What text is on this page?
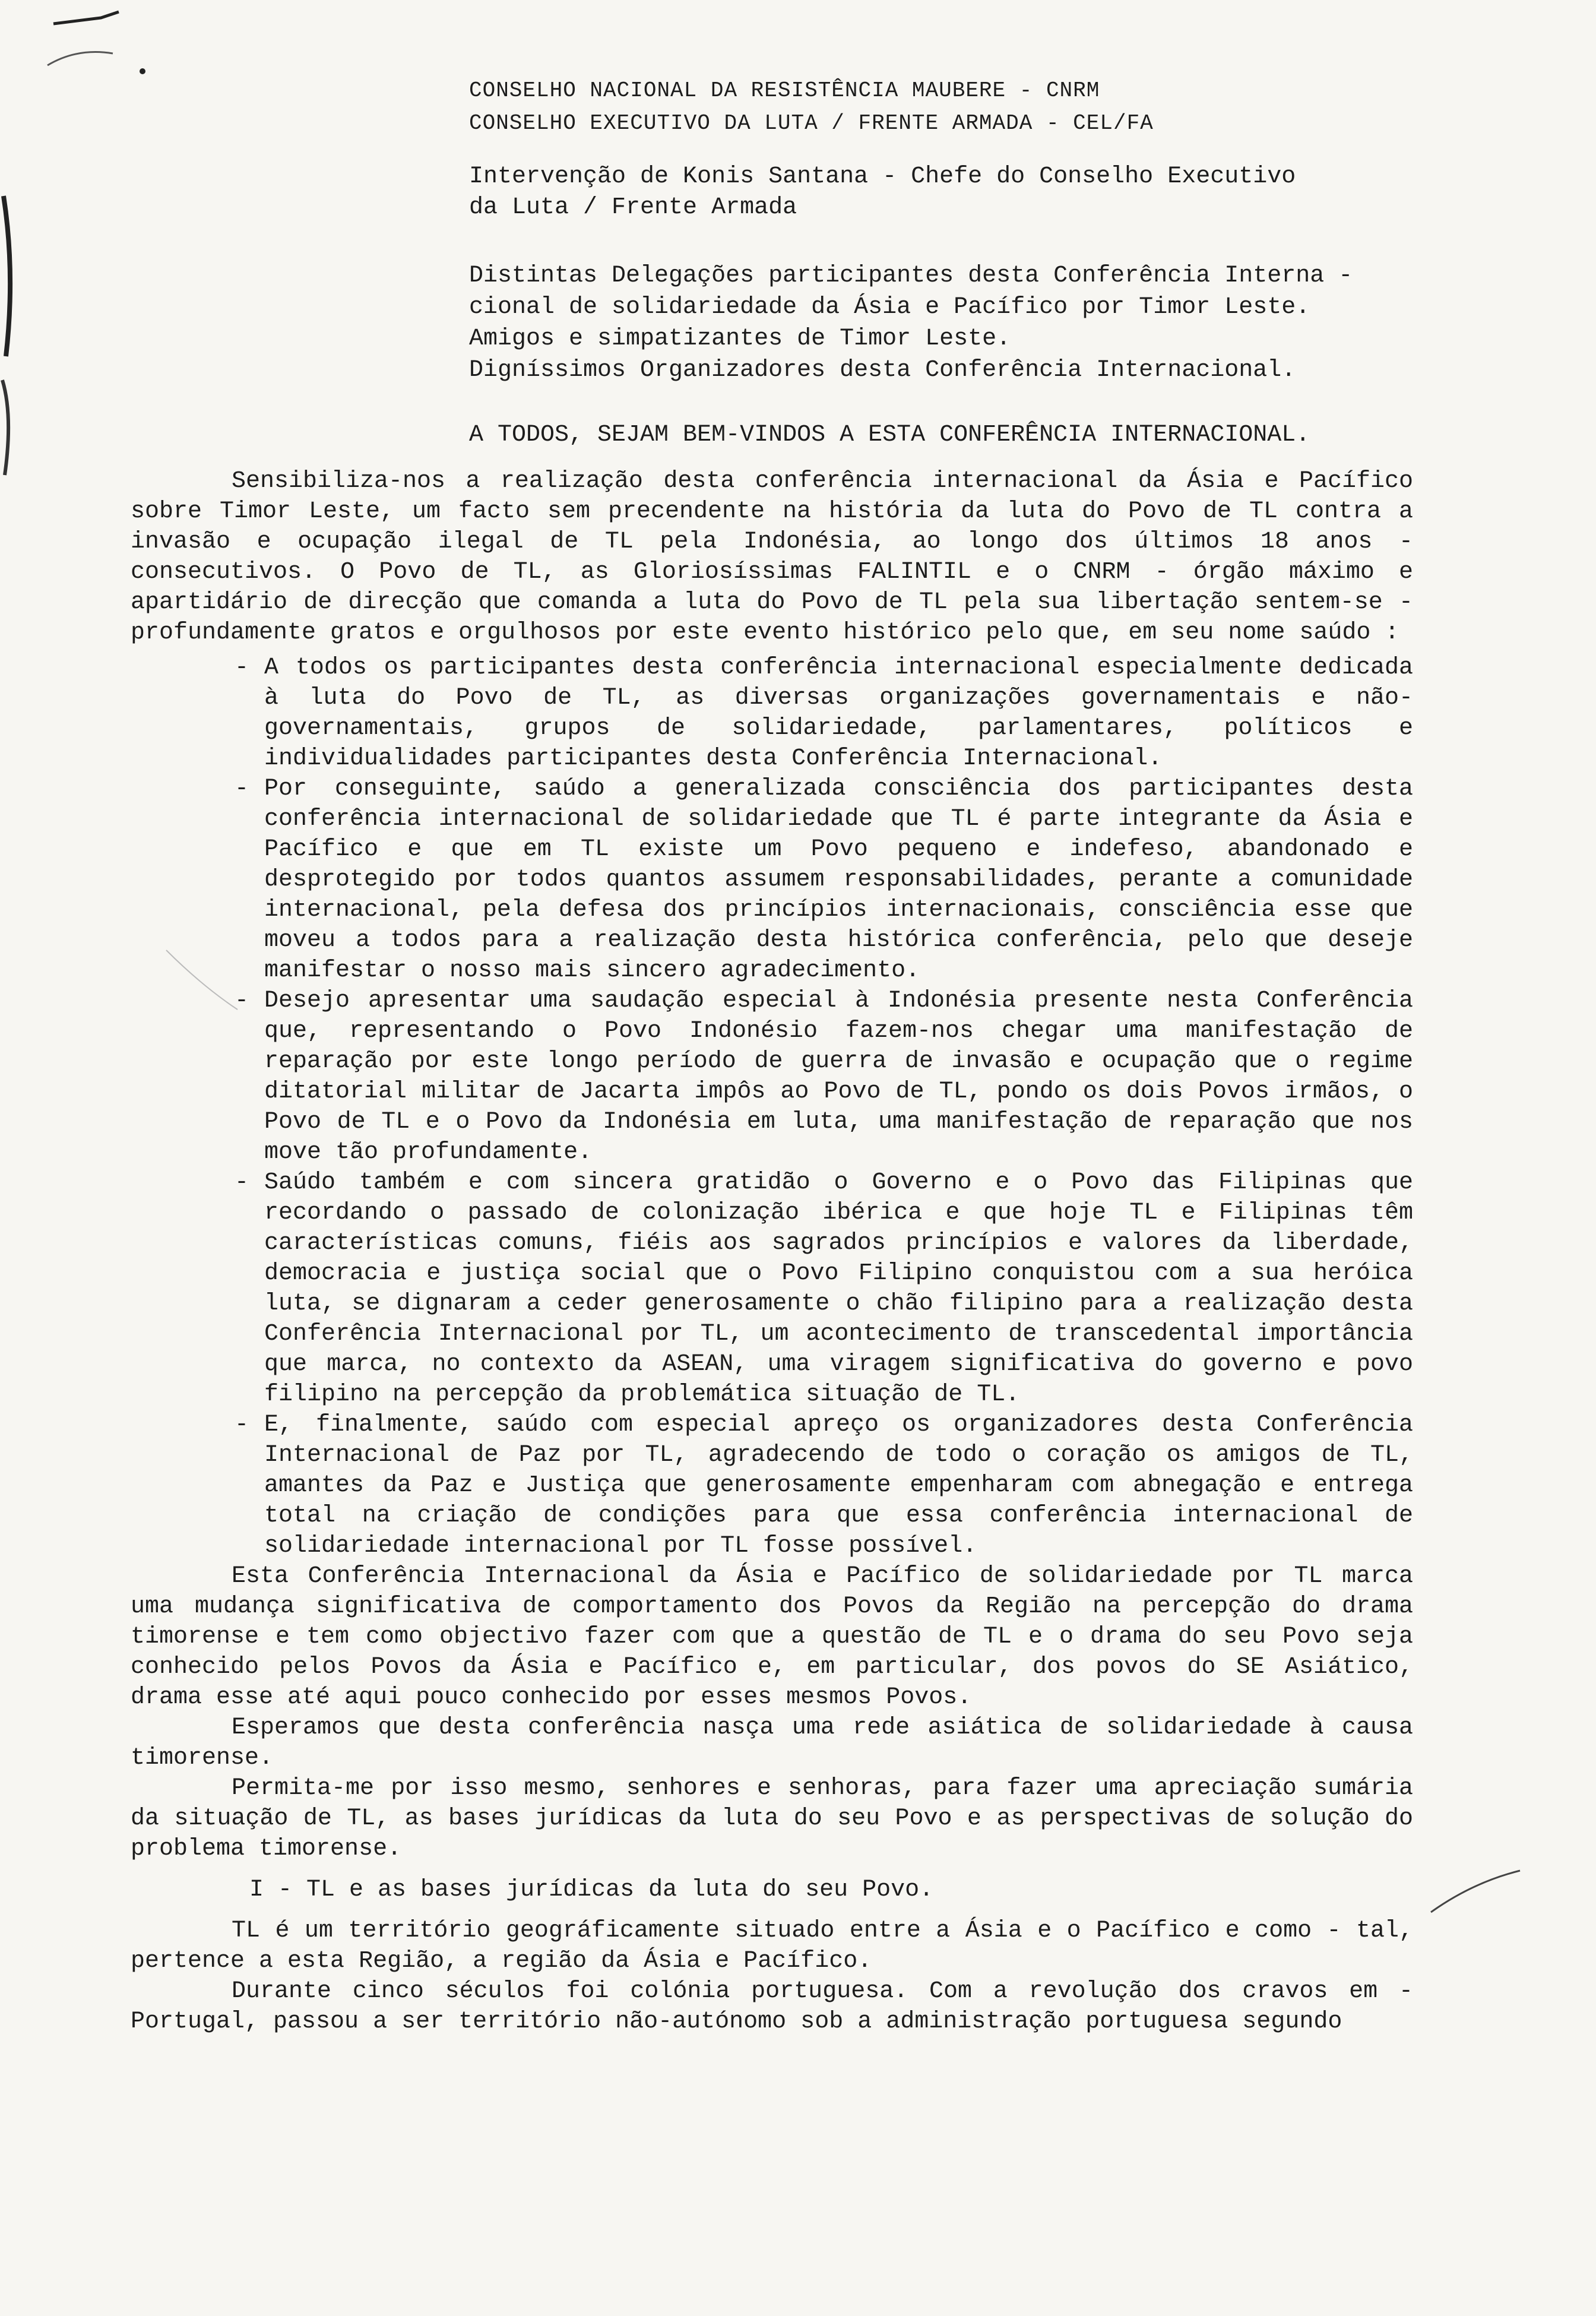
CONSELHO NACIONAL DA RESISTÊNCIA MAUBERE - CNRM
CONSELHO EXECUTIVO DA LUTA / FRENTE ARMADA - CEL/FA
Intervenção de Konis Santana - Chefe do Conselho Executivo
da Luta / Frente Armada
Distintas Delegações participantes desta Conferência Interna -
cional de solidariedade da Ásia e Pacífico por Timor Leste.
Amigos e simpatizantes de Timor Leste.
Digníssimos Organizadores desta Conferência Internacional.
A TODOS, SEJAM BEM-VINDOS A ESTA CONFERÊNCIA INTERNACIONAL.

Sensibiliza-nos a realização desta conferência internacional da Ásia e Pacífico sobre Timor Leste, um facto sem precendente na história da luta do Povo de TL contra a invasão e ocupação ilegal de TL pela Indonésia, ao longo dos últimos 18 anos - consecutivos. O Povo de TL, as Gloriosíssimas FALINTIL e o CNRM - órgão máximo e apartidário de direcção que comanda a luta do Povo de TL pela sua libertação sentem-se - profundamente gratos e orgulhosos por este evento histórico pelo que, em seu nome saúdo :

- A todos os participantes desta conferência internacional especialmente dedicada à luta do Povo de TL, as diversas organizações governamentais e não-governamentais, grupos de solidariedade, parlamentares, políticos e individualidades participantes desta Conferência Internacional.
- Por conseguinte, saúdo a generalizada consciência dos participantes desta conferência internacional de solidariedade que TL é parte integrante da Ásia e Pacífico e que em TL existe um Povo pequeno e indefeso, abandonado e desprotegido por todos quantos assumem responsabilidades, perante a comunidade internacional, pela defesa dos princípios internacionais, consciência esse que moveu a todos para a realização desta histórica conferência, pelo que deseje manifestar o nosso mais sincero agradecimento.
- Desejo apresentar uma saudação especial à Indonésia presente nesta Conferência que, representando o Povo Indonésio fazem-nos chegar uma manifestação de reparação por este longo período de guerra de invasão e ocupação que o regime ditatorial militar de Jacarta impôs ao Povo de TL, pondo os dois Povos irmãos, o Povo de TL e o Povo da Indonésia em luta, uma manifestação de reparação que nos move tão profundamente.
- Saúdo também e com sincera gratidão o Governo e o Povo das Filipinas que recordando o passado de colonização ibérica e que hoje TL e Filipinas têm características comuns, fiéis aos sagrados princípios e valores da liberdade, democracia e justiça social que o Povo Filipino conquistou com a sua heróica luta, se dignaram a ceder generosamente o chão filipino para a realização desta Conferência Internacional por TL, um acontecimento de transcedental importância que marca, no contexto da ASEAN, uma viragem significativa do governo e povo filipino na percepção da problemática situação de TL.
- E, finalmente, saúdo com especial apreço os organizadores desta Conferência Internacional de Paz por TL, agradecendo de todo o coração os amigos de TL, amantes da Paz e Justiça que generosamente empenharam com abnegação e entrega total na criação de condições para que essa conferência internacional de solidariedade internacional por TL fosse possível.

Esta Conferência Internacional da Ásia e Pacífico de solidariedade por TL marca uma mudança significativa de comportamento dos Povos da Região na percepção do drama timorense e tem como objectivo fazer com que a questão de TL e o drama do seu Povo seja conhecido pelos Povos da Ásia e Pacífico e, em particular, dos povos do SE Asiático, drama esse até aqui pouco conhecido por esses mesmos Povos.

Esperamos que desta conferência nasça uma rede asiática de solidariedade à causa timorense.

Permita-me por isso mesmo, senhores e senhoras, para fazer uma apreciação sumária da situação de TL, as bases jurídicas da luta do seu Povo e as perspectivas de solução do problema timorense.

I - TL e as bases jurídicas da luta do seu Povo.

TL é um território geográficamente situado entre a Ásia e o Pacífico e como - tal, pertence a esta Região, a região da Ásia e Pacífico.

Durante cinco séculos foi colónia portuguesa. Com a revolução dos cravos em - Portugal, passou a ser território não-autónomo sob a administração portuguesa segundo
